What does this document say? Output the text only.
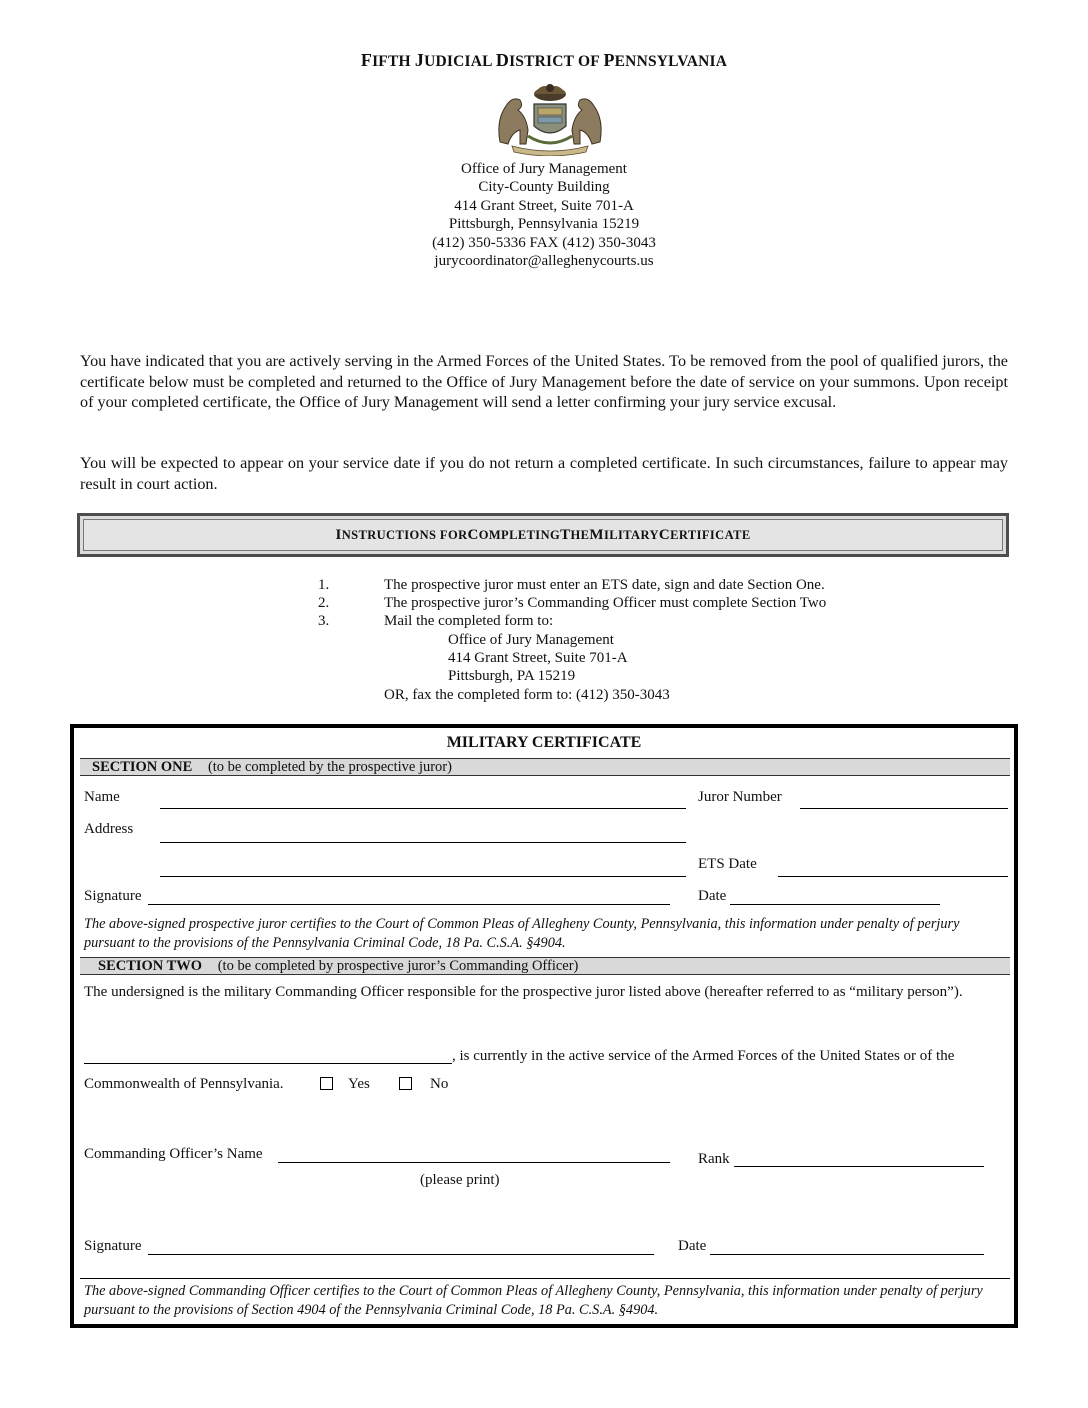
FIFTH JUDICIAL DISTRICT OF PENNSYLVANIA
Office of Jury Management
City-County Building
414 Grant Street, Suite 701-A
Pittsburgh, Pennsylvania 15219
(412) 350-5336 FAX (412) 350-3043
jurycoordinator@alleghenycourts.us
You have indicated that you are actively serving in the Armed Forces of the United States. To be removed from the pool of qualified jurors, the certificate below must be completed and returned to the Office of Jury Management before the date of service on your summons. Upon receipt of your completed certificate, the Office of Jury Management will send a letter confirming your jury service excusal.
You will be expected to appear on your service date if you do not return a completed certificate. In such circumstances, failure to appear may result in court action.
I NSTRUCTIONS FOR C OMPLETING T HE M ILITARY C ERTIFICATE
1.	The prospective juror must enter an ETS date, sign and date Section One.
2.	The prospective juror’s Commanding Officer must complete Section Two
3.	Mail the completed form to:
Office of Jury Management
414 Grant Street, Suite 701-A
Pittsburgh, PA 15219
OR, fax the completed form to: (412) 350-3043
MILITARY CERTIFICATE
SECTION ONE (to be completed by the prospective juror)
Name	Juror Number
Address
ETS Date
Signature	Date
The above-signed prospective juror certifies to the Court of Common Pleas of Allegheny County, Pennsylvania, this information under penalty of perjury pursuant to the provisions of the Pennsylvania Criminal Code, 18 Pa. C.S.A. §4904.
SECTION TWO (to be completed by prospective juror’s Commanding Officer)
The undersigned is the military Commanding Officer responsible for the prospective juror listed above (hereafter referred to as “military person”).
, is currently in the active service of the Armed Forces of the United States or of the
Commonwealth of Pennsylvania.	Yes	No
Commanding Officer’s Name	Rank
(please print)
Signature	Date
The above-signed Commanding Officer certifies to the Court of Common Pleas of Allegheny County, Pennsylvania, this information under penalty of perjury pursuant to the provisions of Section 4904 of the Pennsylvania Criminal Code, 18 Pa. C.S.A. §4904.
